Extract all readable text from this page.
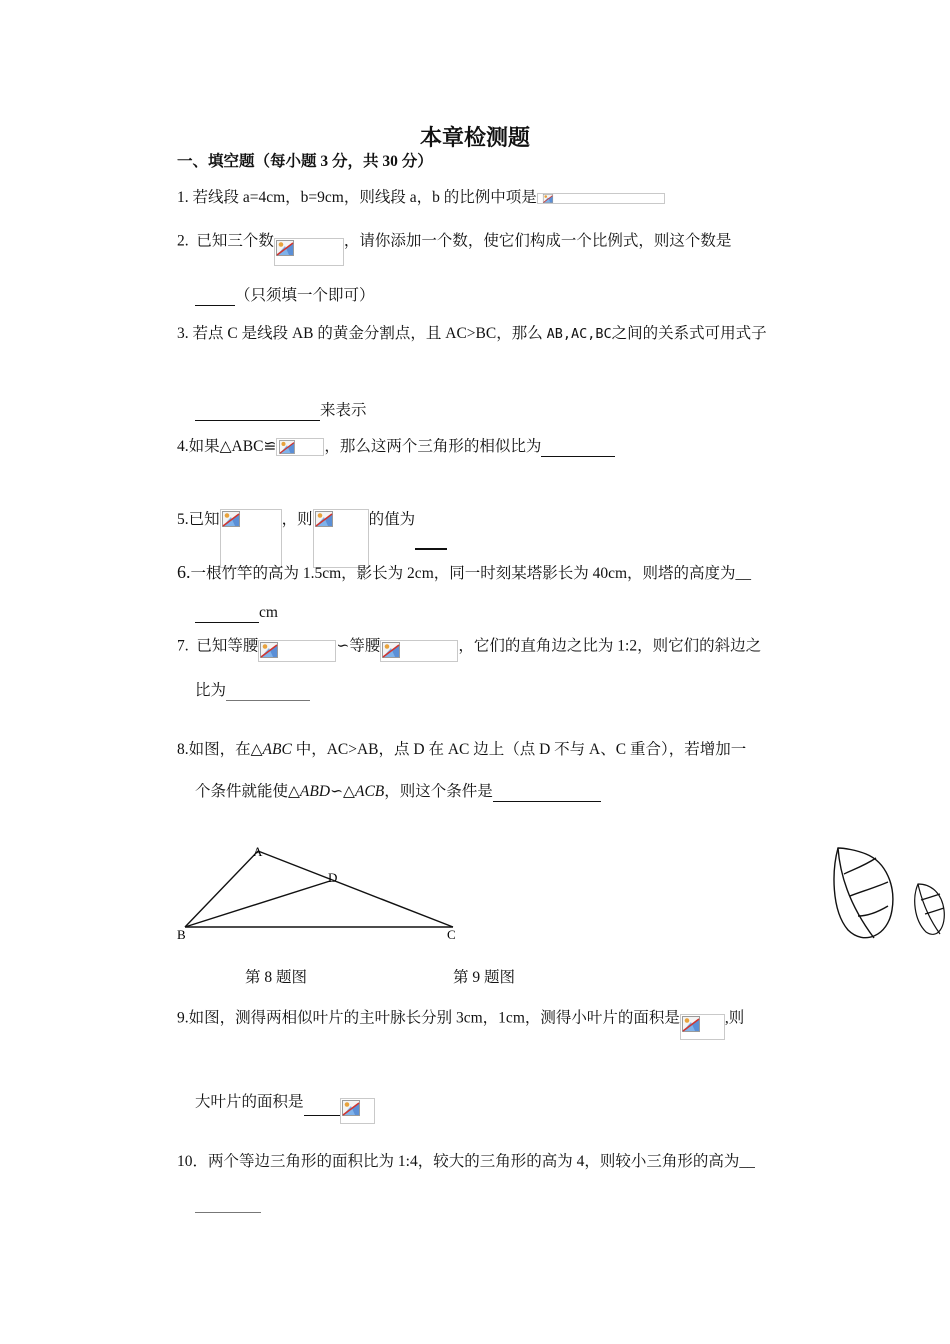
本章检测题
一、填空题（每小题 3 分，共 30 分）
1. 若线段 a=4cm，b=9cm，则线段 a，b 的比例中项是
2. 已知三个数	，请你添加一个数，使它们构成一个比例式，则这个数是
（只须填一个即可）
3. 若点 C 是线段 AB 的黄金分割点，且 AC>BC，那么 AB,AC,BC之间的关系式可用式子
来表示
4.如果△ABC≌	，那么这两个三角形的相似比为
5.已知	，则	的值为
6.一根竹竿的高为 1.5cm，影长为 2cm，同一时刻某塔影长为 40cm，则塔的高度为__
cm
7. 已知等腰	∽等腰	，它们的直角边之比为 1:2，则它们的斜边之
比为
8.如图，在△ABC 中，AC>AB，点 D 在 AC 边上（点 D 不与 A、C 重合），若增加一
个条件就能使△ABD∽△ACB，则这个条件是
A
B	C
D
第 8 题图	第 9 题图
9.如图，测得两相似叶片的主叶脉长分别 3cm，1cm，测得小叶片的面积是	,则
大叶片的面积是
10．两个等边三角形的面积比为 1:4，较大的三角形的高为 4，则较小三角形的高为__
